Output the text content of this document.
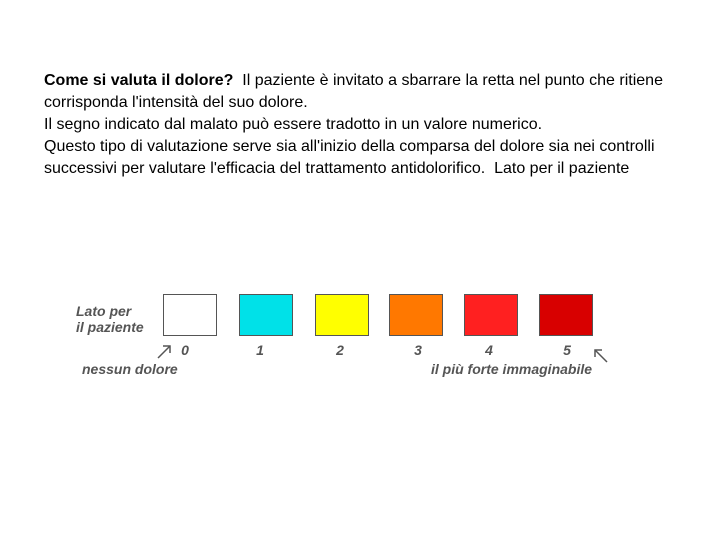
Come si valuta il dolore? Il paziente è invitato a sbarrare la retta nel punto che ritiene corrisponda l'intensità del suo dolore.
Il segno indicato dal malato può essere tradotto in un valore numerico.
Questo tipo di valutazione serve sia all'inizio della comparsa del dolore sia nei controlli successivi per valutare l'efficacia del trattamento antidolorifico. Lato per il paziente
Lato per
il paziente
0	1	2	3	4	5
nessun dolore	il più forte immaginabile
